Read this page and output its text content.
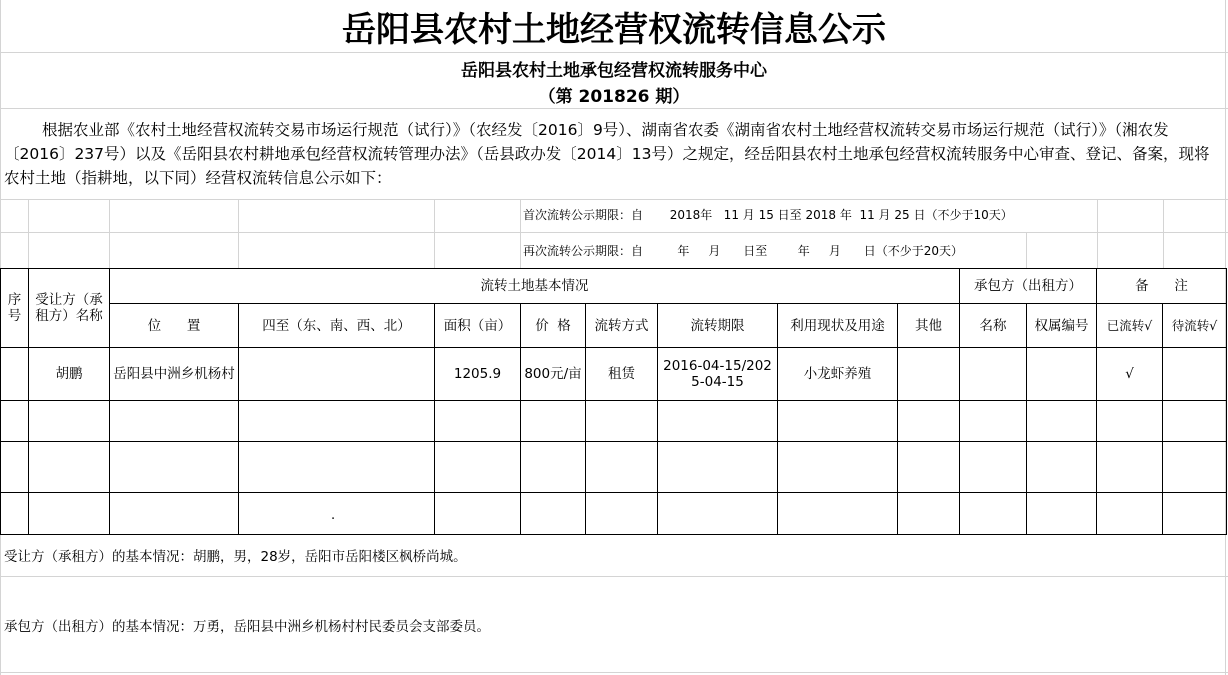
岳阳县农村土地经营权流转信息公示
岳阳县农村土地承包经营权流转服务中心
（第 201826 期）
根据农业部《农村土地经营权流转交易市场运行规范（试行）》（农经发〔2016〕9号）、湖南省农委《湖南省农村土地经营权流转交易市场运行规范（试行）》（湘农发〔2016〕237号）以及《岳阳县农村耕地承包经营权流转管理办法》（岳县政办发〔2014〕13号）之规定，经岳阳县农村土地承包经营权流转服务中心审查、登记、备案，现将农村土地（指耕地，以下同）经营权流转信息公示如下：
首次流转公示期限：自       2018年   11 月 15 日至 2018 年  11 月 25 日（不少于10天）
再次流转公示期限：自         年     月      日至        年     月      日（不少于20天）
序号	受让方（承租方）名称	流转土地基本情况								承包方（出租方）		备      注	
		位      置	四至（东、南、西、北）	面积（亩）	价  格	流转方式	流转期限	利用现状及用途	其他	名称	权属编号	已流转√	待流转√
	胡鹏	岳阳县中洲乡机杨村		1205.9	800元/亩	租赁	2016-04-15/2025-04-15	小龙虾养殖				√	

.
受让方（承租方）的基本情况：胡鹏，男，28岁，岳阳市岳阳楼区枫桥尚城。
承包方（出租方）的基本情况：万勇，岳阳县中洲乡机杨村村民委员会支部委员。
